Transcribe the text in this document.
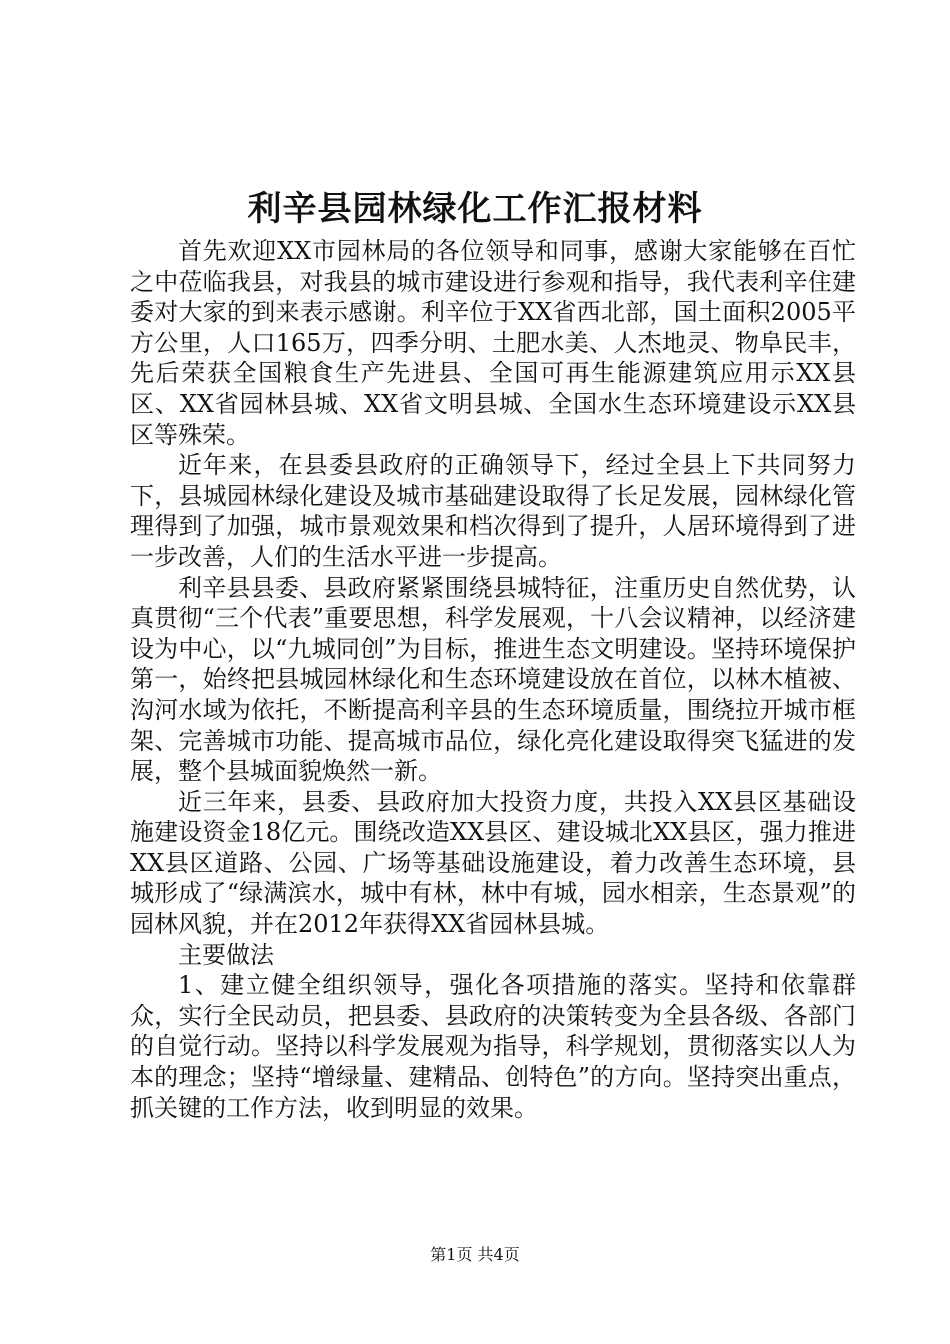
利辛县园林绿化工作汇报材料

首先欢迎XX市园林局的各位领导和同事，感谢大家能够在百忙之中莅临我县，对我县的城市建设进行参观和指导，我代表利辛住建委对大家的到来表示感谢。利辛位于XX省西北部，国土面积2005平方公里，人口165万，四季分明、土肥水美、人杰地灵、物阜民丰，先后荣获全国粮食生产先进县、全国可再生能源建筑应用示XX县区、XX省园林县城、XX省文明县城、全国水生态环境建设示XX县区等殊荣。

近年来，在县委县政府的正确领导下，经过全县上下共同努力下，县城园林绿化建设及城市基础建设取得了长足发展，园林绿化管理得到了加强，城市景观效果和档次得到了提升，人居环境得到了进一步改善，人们的生活水平进一步提高。

利辛县县委、县政府紧紧围绕县城特征，注重历史自然优势，认真贯彻“三个代表”重要思想，科学发展观，十八会议精神，以经济建设为中心，以“九城同创”为目标，推进生态文明建设。坚持环境保护第一，始终把县城园林绿化和生态环境建设放在首位，以林木植被、沟河水域为依托，不断提高利辛县的生态环境质量，围绕拉开城市框架、完善城市功能、提高城市品位，绿化亮化建设取得突飞猛进的发展，整个县城面貌焕然一新。

近三年来，县委、县政府加大投资力度，共投入XX县区基础设施建设资金18亿元。围绕改造XX县区、建设城北XX县区，强力推进XX县区道路、公园、广场等基础设施建设，着力改善生态环境，县城形成了“绿满滨水，城中有林，林中有城，园水相亲，生态景观”的园林风貌，并在2012年获得XX省园林县城。

主要做法

1、建立健全组织领导，强化各项措施的落实。坚持和依靠群众，实行全民动员，把县委、县政府的决策转变为全县各级、各部门的自觉行动。坚持以科学发展观为指导，科学规划，贯彻落实以人为本的理念；坚持“增绿量、建精品、创特色”的方向。坚持突出重点，抓关键的工作方法，收到明显的效果。

第1页 共4页
